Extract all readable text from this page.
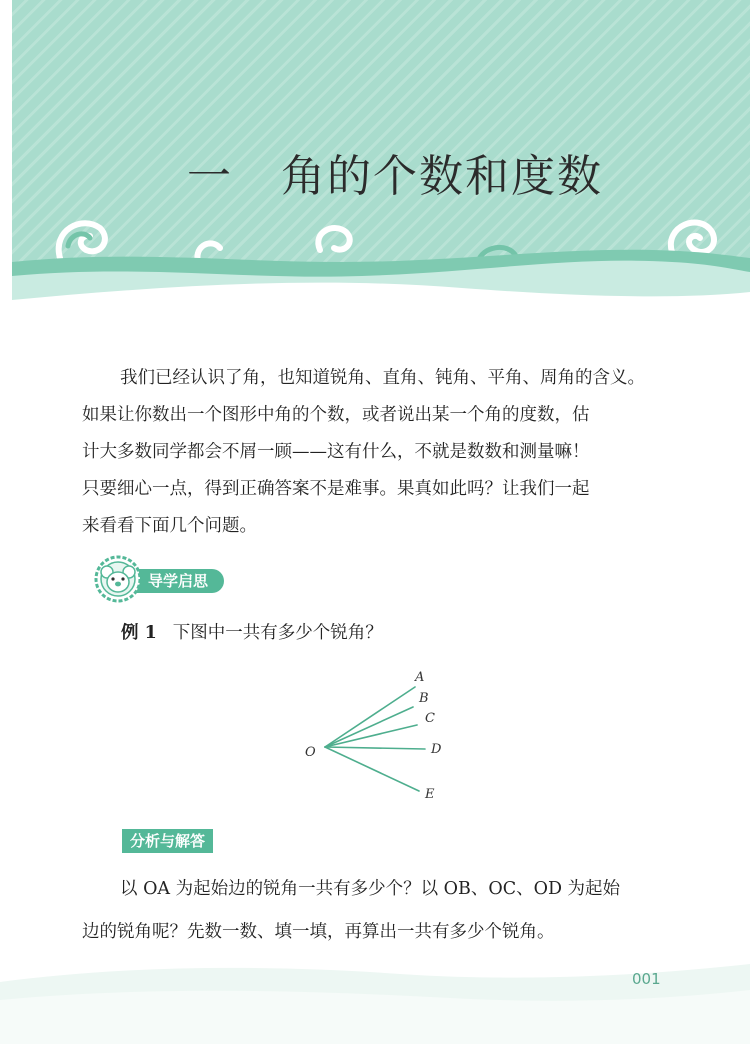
一 角的个数和度数

我们已经认识了角，也知道锐角、直角、钝角、平角、周角的含义。
如果让你数出一个图形中角的个数，或者说出某一个角的度数，估
计大多数同学都会不屑一顾——这有什么，不就是数数和测量嘛！
只要细心一点，得到正确答案不是难事。果真如此吗？让我们一起
来看看下面几个问题。

导学启思
例 1 下图中一共有多少个锐角？
O
A
B
C
D
E
分析与解答

以 OA 为起始边的锐角一共有多少个？以 OB、OC、OD 为起始
边的锐角呢？先数一数、填一填，再算出一共有多少个锐角。

001
